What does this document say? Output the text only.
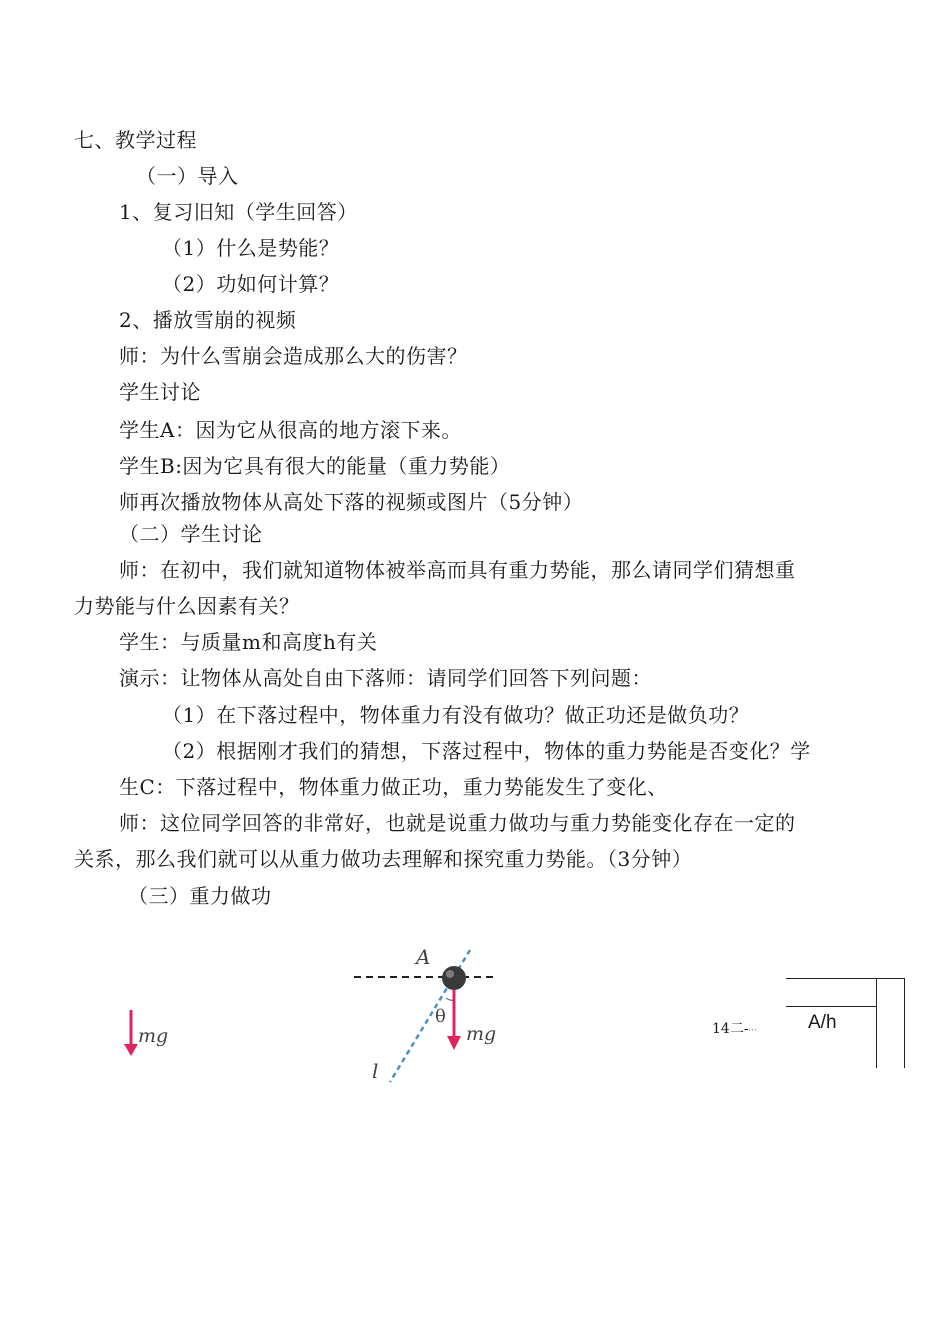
七、教学过程
（一）导入
1、复习旧知（学生回答）
（1）什么是势能？
（2）功如何计算？
2、播放雪崩的视频
师：为什么雪崩会造成那么大的伤害？
学生讨论
学生A：因为它从很高的地方滚下来。
学生B:因为它具有很大的能量（重力势能）
师再次播放物体从高处下落的视频或图片（5分钟）
（二）学生讨论
师：在初中，我们就知道物体被举高而具有重力势能，那么请同学们猜想重
力势能与什么因素有关？
学生：与质量m和高度h有关
演示：让物体从高处自由下落师：请同学们回答下列问题：
（1）在下落过程中，物体重力有没有做功？做正功还是做负功？
（2）根据刚才我们的猜想，下落过程中，物体的重力势能是否变化？学
生C：下落过程中，物体重力做正功，重力势能发生了变化、
师：这位同学回答的非常好，也就是说重力做功与重力势能变化存在一定的
关系，那么我们就可以从重力做功去理解和探究重力势能。（3分钟）
（三）重力做功
mg
A
θ
mg
l
14二-ˑˑˑ	A/h
